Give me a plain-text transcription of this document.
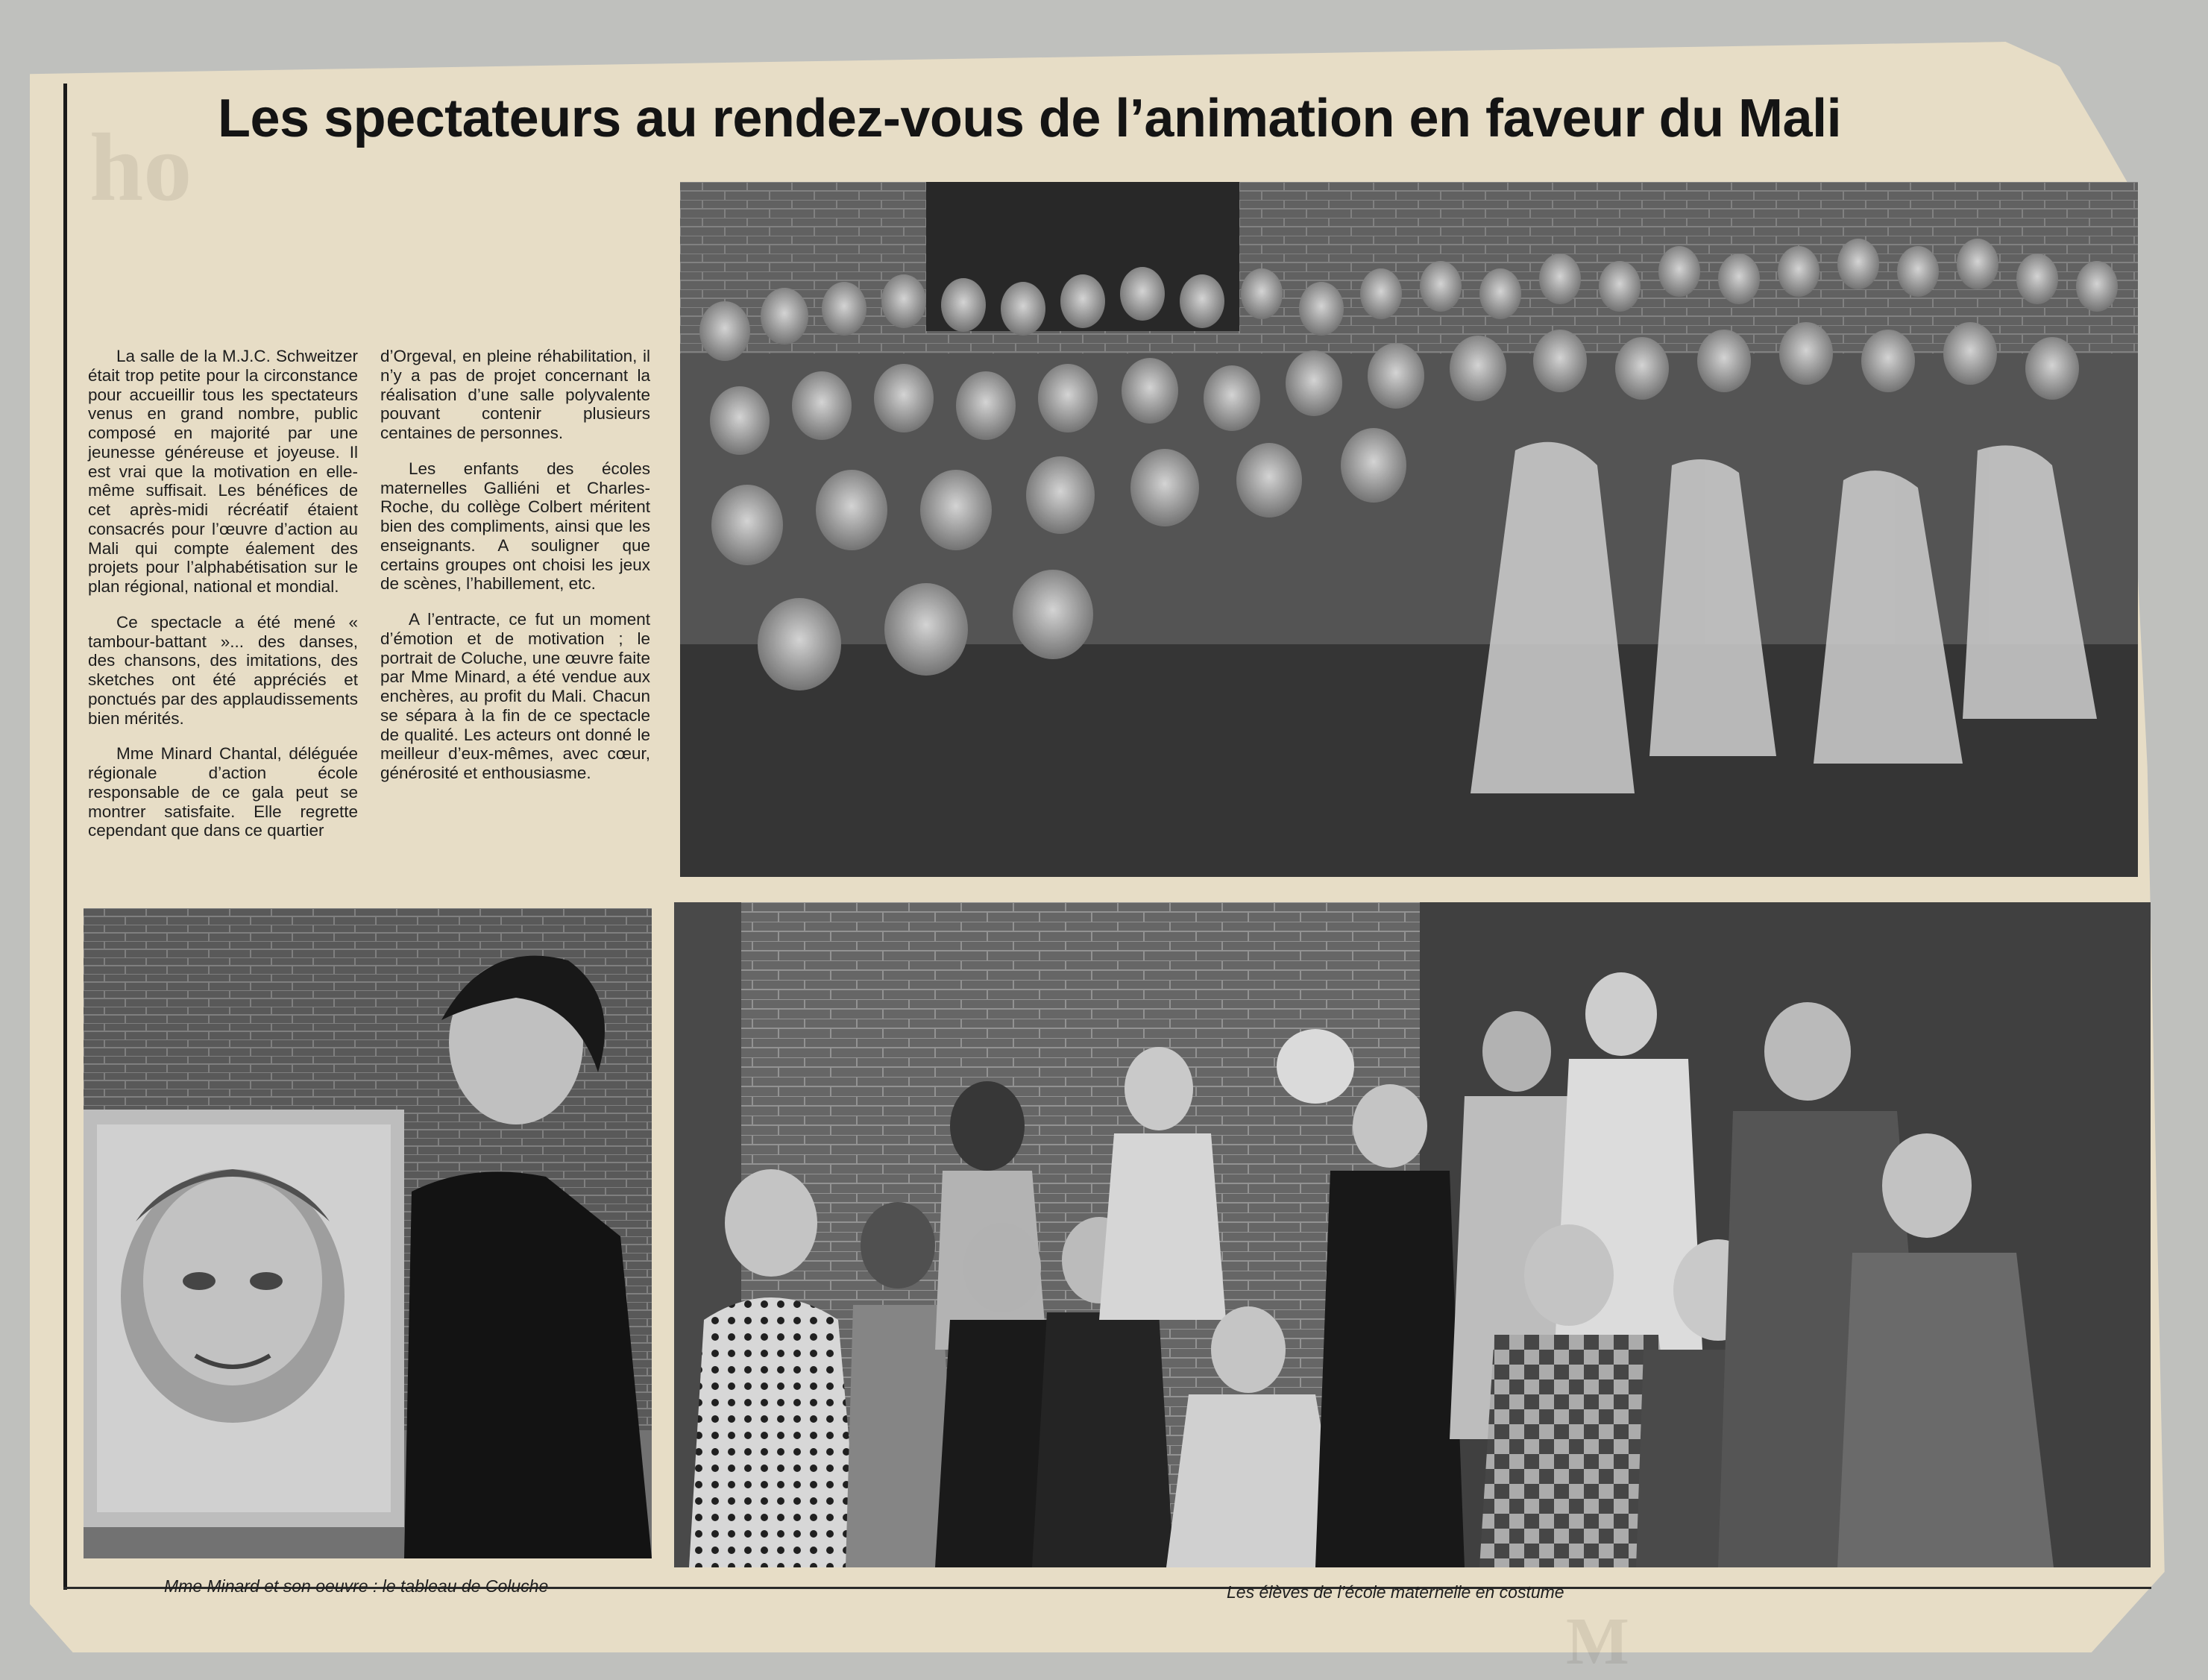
ho
M
Les spectateurs au rendez-vous de l’animation en faveur du Mali

La salle de la M.J.C. Schweitzer était trop petite pour la circonstance pour accueillir tous les spectateurs venus en grand nombre, public composé en majorité par une jeunesse généreuse et joyeuse. Il est vrai que la motivation en elle-même suffisait. Les bénéfices de cet après-midi récréatif étaient consacrés pour l’œuvre d’action au Mali qui compte éalement des projets pour l’alphabétisation sur le plan régional, national et mondial.

Ce spectacle a été mené « tambour-battant »... des danses, des chansons, des imitations, des sketches ont été appréciés et ponctués par des applaudissements bien mérités.

Mme Minard Chantal, déléguée régionale d’action école responsable de ce gala peut se montrer satisfaite. Elle regrette cependant que dans ce quartier

d’Orgeval, en pleine réhabilitation, il n’y a pas de projet concernant la réalisation d’une salle polyvalente pouvant contenir plusieurs centaines de personnes.

Les enfants des écoles maternelles Galliéni et Charles-Roche, du collège Colbert méritent bien des compliments, ainsi que les enseignants. A souligner que certains groupes ont choisi les jeux de scènes, l’habillement, etc.

A l’entracte, ce fut un moment d’émotion et de motivation ; le portrait de Coluche, une œuvre faite par Mme Minard, a été vendue aux enchères, au profit du Mali. Chacun se sépara à la fin de ce spectacle de qualité. Les acteurs ont donné le meilleur d’eux-mêmes, avec cœur, générosité et enthousiasme.

Mme Minard et son oeuvre : le tableau de Coluche	Les élèves de l’école maternelle en costume
